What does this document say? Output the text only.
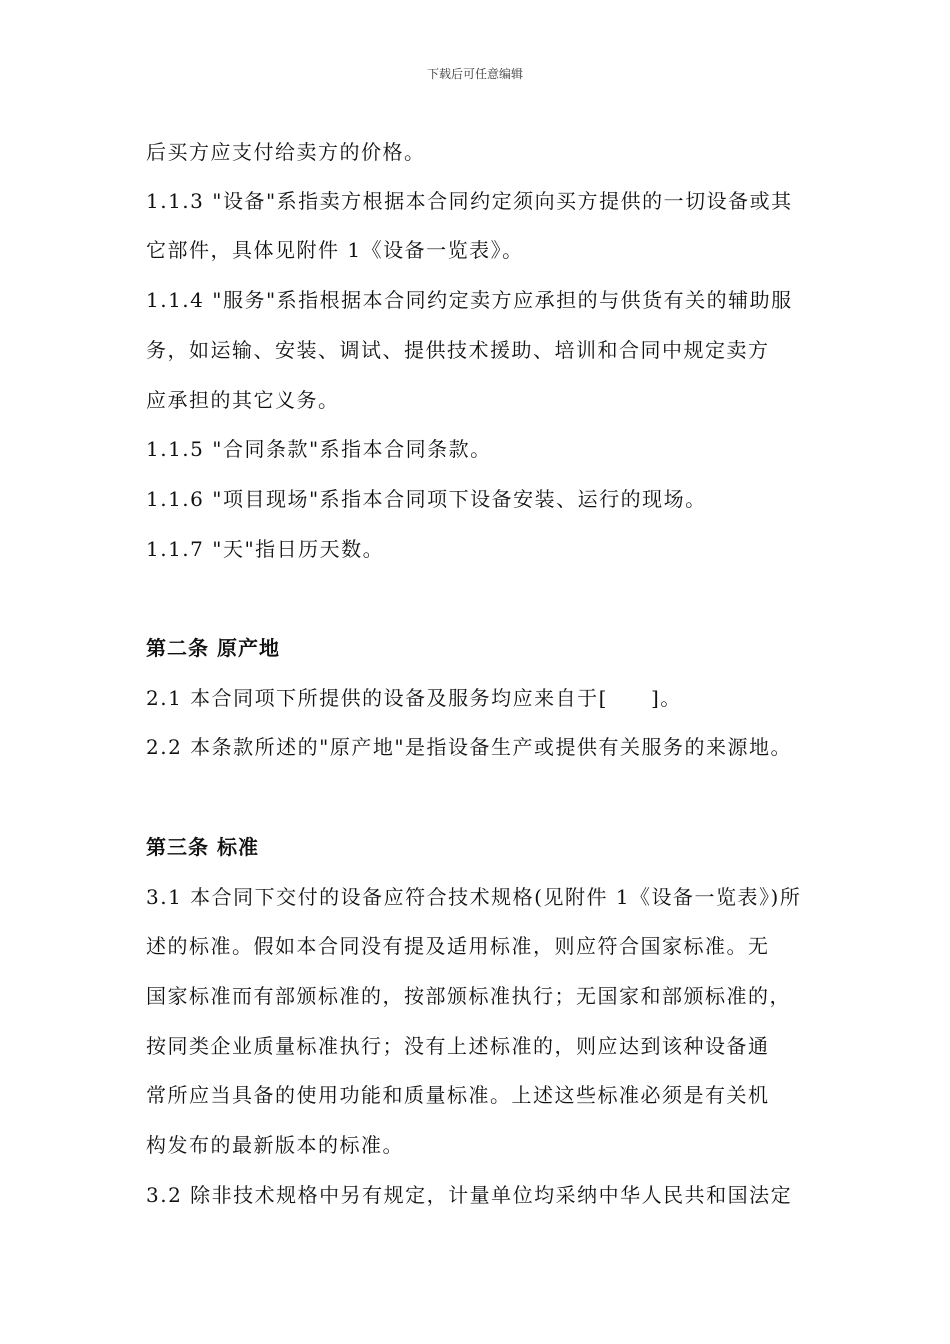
下载后可任意编辑
后买方应支付给卖方的价格。
1.1.3 "设备"系指卖方根据本合同约定须向买方提供的一切设备或其
它部件，具体见附件 1《设备一览表》。
1.1.4 "服务"系指根据本合同约定卖方应承担的与供货有关的辅助服
务，如运输、安装、调试、提供技术援助、培训和合同中规定卖方
应承担的其它义务。
1.1.5 "合同条款"系指本合同条款。
1.1.6 "项目现场"系指本合同项下设备安装、运行的现场。
1.1.7 "天"指日历天数。
第二条 原产地
2.1 本合同项下所提供的设备及服务均应来自于[　　]。
2.2 本条款所述的"原产地"是指设备生产或提供有关服务的来源地。
第三条 标准
3.1 本合同下交付的设备应符合技术规格(见附件 1《设备一览表》)所
述的标准。假如本合同没有提及适用标准，则应符合国家标准。无
国家标准而有部颁标准的，按部颁标准执行；无国家和部颁标准的，
按同类企业质量标准执行；没有上述标准的，则应达到该种设备通
常所应当具备的使用功能和质量标准。上述这些标准必须是有关机
构发布的最新版本的标准。
3.2 除非技术规格中另有规定，计量单位均采纳中华人民共和国法定
